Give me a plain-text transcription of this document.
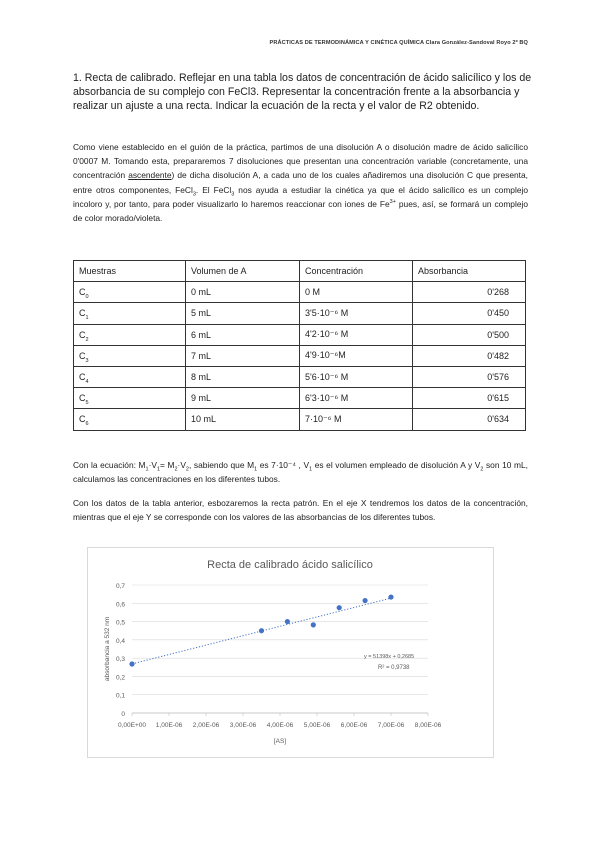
PRÁCTICAS DE TERMODINÁMICA Y CINÉTICA QUÍMICA Clara González-Sandoval Royo 2º BQ
1. Recta de calibrado. Reflejar en una tabla los datos de concentración de ácido salicílico y los de absorbancia de su complejo con FeCl3. Representar la concentración frente a la absorbancia y realizar un ajuste a una recta. Indicar la ecuación de la recta y el valor de R2 obtenido.
Como viene establecido en el guión de la práctica, partimos de una disolución A o disolución madre de ácido salicílico 0'0007 M. Tomando esta, prepararemos 7 disoluciones que presentan una concentración variable (concretamente, una concentración ascendente) de dicha disolución A, a cada uno de los cuales añadiremos una disolución C que presenta, entre otros componentes, FeCl$_3$. El FeCl$_3$ nos ayuda a estudiar la cinética ya que el ácido salicílico es un complejo incoloro y, por tanto, para poder visualizarlo lo haremos reaccionar con iones de $Fe^{3+}$ pues, así, se formará un complejo de color morado/violeta.
Muestras	Volumen de A	Concentración	Absorbancia
$C_0$	0 mL	0 M	0'268
$C_1$	5 mL	3'5·10⁻⁶ M	0'450
$C_2$	6 mL	4'2·10⁻⁶ M	0'500
$C_3$	7 mL	4'9·10⁻⁶M	0'482
$C_4$	8 mL	5'6·10⁻⁶ M	0'576
$C_5$	9 mL	6'3·10⁻⁶ M	0'615
$C_6$	10 mL	7·10⁻⁶ M	0'634
Con la ecuación: $M_1\cdot V_1= M_2\cdot V_2$, sabiendo que $M_1$ es 7·10⁻⁴ , $V_1$ es el volumen empleado de disolución A y $V_2$ son 10 mL, calculamos las concentraciones en los diferentes tubos.
Con los datos de la tabla anterior, esbozaremos la recta patrón. En el eje X tendremos los datos de la concentración, mientras que el eje Y se corresponde con los valores de las absorbancias de los diferentes tubos.
Recta de calibrado ácido salicílico
0
0,1
0,2
0,3
0,4
0,5
0,6
0,7
0,00E+00 1,00E-06 2,00E-06 3,00E-06 4,00E-06 5,00E-06 6,00E-06 7,00E-06 8,00E-06
[AS]
absorbancia a 532 nm	y = 51398x + 0,2685
R² = 0,9738
